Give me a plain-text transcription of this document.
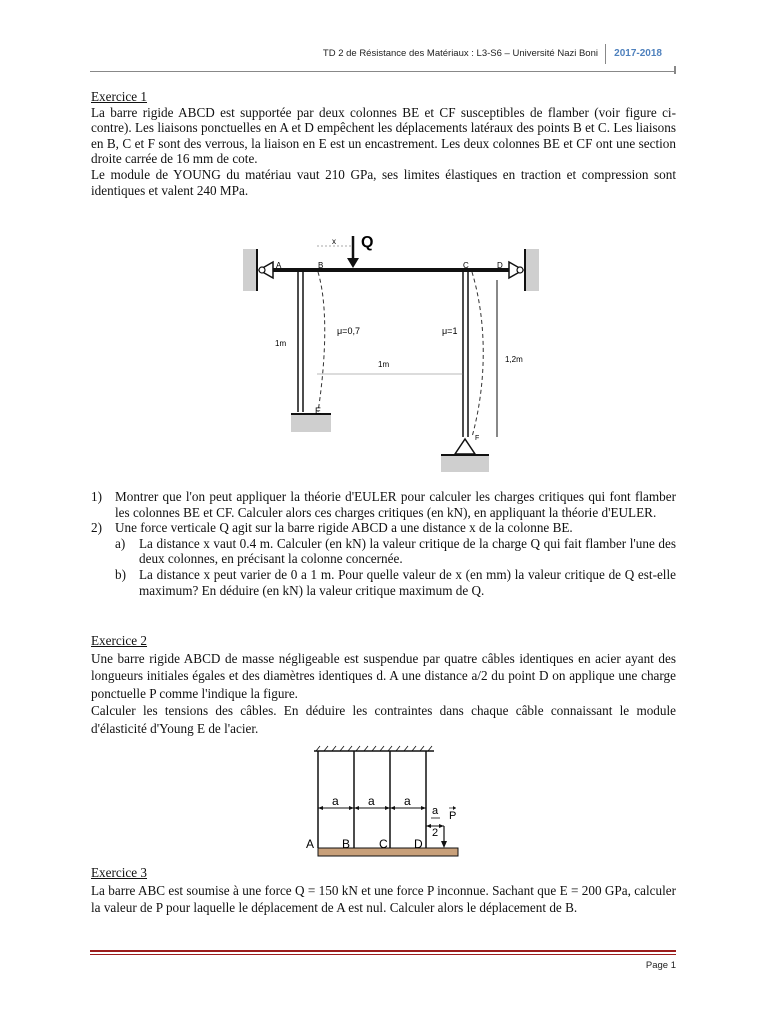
TD 2 de Résistance des Matériaux : L3-S6 – Université Nazi Boni 2017-2018

Exercice 1

La barre rigide ABCD est supportée par deux colonnes BE et CF susceptibles de flamber (voir figure ci-contre). Les liaisons ponctuelles en A et D empêchent les déplacements latéraux des points B et C. Les liaisons en B, C et F sont des verrous, la liaison en E est un encastrement. Les deux colonnes BE et CF ont une section droite carrée de 16 mm de cote.

Le module de YOUNG du matériau vaut 210 GPa, ses limites élastiques en traction et compression sont identiques et valent 240 MPa.

A	B	C	D
x Q
E
F
μ=0,7	μ=1
1m
1m
1,2m
1) Montrer que l'on peut appliquer la théorie d'EULER pour calculer les charges critiques qui font flamber les colonnes BE et CF. Calculer alors ces charges critiques (en kN), en appliquant la théorie d'EULER.
2) Une force verticale Q agit sur la barre rigide ABCD a une distance x de la colonne BE.
a) La distance x vaut 0.4 m. Calculer (en kN) la valeur critique de la charge Q qui fait flamber l'une des deux colonnes, en précisant la colonne concernée.
b) La distance x peut varier de 0 a 1 m. Pour quelle valeur de x (en mm) la valeur critique de Q est-elle maximum? En déduire (en kN) la valeur critique maximum de Q.

Exercice 2

Une barre rigide ABCD de masse négligeable est suspendue par quatre câbles identiques en acier ayant des longueurs initiales égales et des diamètres identiques d. A une distance a/2 du point D on applique une charge ponctuelle P comme l'indique la figure.

Calculer les tensions des câbles. En déduire les contraintes dans chaque câble connaissant le module d'élasticité d'Young E de l'acier.

a a a
a
2
P
A B C D

Exercice 3

La barre ABC est soumise à une force Q = 150 kN et une force P inconnue. Sachant que E = 200 GPa, calculer la valeur de P pour laquelle le déplacement de A est nul. Calculer alors le déplacement de B.

Page 1
